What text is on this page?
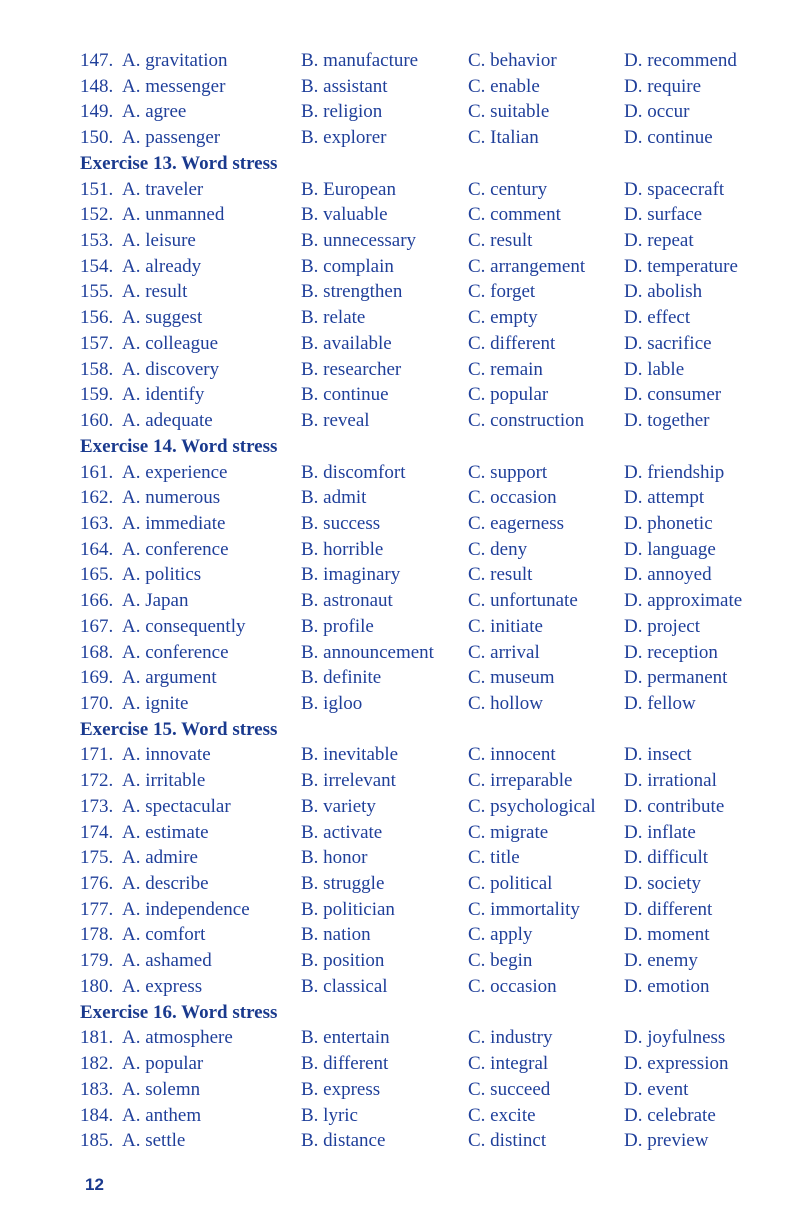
147. A. gravitation	B. manufacture	C. behavior	D. recommend
148. A. messenger	B. assistant	C. enable	D. require
149. A. agree	B. religion	C. suitable	D. occur
150. A. passenger	B. explorer	C. Italian	D. continue
Exercise 13. Word stress
151. A. traveler	B. European	C. century	D. spacecraft
152. A. unmanned	B. valuable	C. comment	D. surface
153. A. leisure	B. unnecessary	C. result	D. repeat
154. A. already	B. complain	C. arrangement D. temperature
155. A. result	B. strengthen	C. forget	D. abolish
156. A. suggest	B. relate	C. empty	D. effect
157. A. colleague	B. available	C. different	D. sacrifice
158. A. discovery	B. researcher	C. remain	D. lable
159. A. identify	B. continue	C. popular	D. consumer
160. A. adequate	B. reveal	C. construction D. together
Exercise 14. Word stress
161. A. experience	B. discomfort	C. support	D. friendship
162. A. numerous	B. admit	C. occasion	D. attempt
163. A. immediate	B. success	C. eagerness	D. phonetic
164. A. conference	B. horrible	C. deny	D. language
165. A. politics	B. imaginary	C. result	D. annoyed
166. A. Japan	B. astronaut	C. unfortunate D. approximate
167. A. consequently	B. profile	C. initiate	D. project
168. A. conference	B. announcement C. arrival	D. reception
169. A. argument	B. definite	C. museum	D. permanent
170. A. ignite	B. igloo	C. hollow	D. fellow
Exercise 15. Word stress
171. A. innovate	B. inevitable	C. innocent	D. insect
172. A. irritable	B. irrelevant	C. irreparable	D. irrational
173. A. spectacular	B. variety	C. psychological D. contribute
174. A. estimate	B. activate	C. migrate	D. inflate
175. A. admire	B. honor	C. title	D. difficult
176. A. describe	B. struggle	C. political	D. society
177. A. independence	B. politician	C. immortality D. different
178. A. comfort	B. nation	C. apply	D. moment
179. A. ashamed	B. position	C. begin	D. enemy
180. A. express	B. classical	C. occasion	D. emotion
Exercise 16. Word stress
181. A. atmosphere	B. entertain	C. industry	D. joyfulness
182. A. popular	B. different	C. integral	D. expression
183. A. solemn	B. express	C. succeed	D. event
184. A. anthem	B. lyric	C. excite	D. celebrate
185. A. settle	B. distance	C. distinct	D. preview
12
